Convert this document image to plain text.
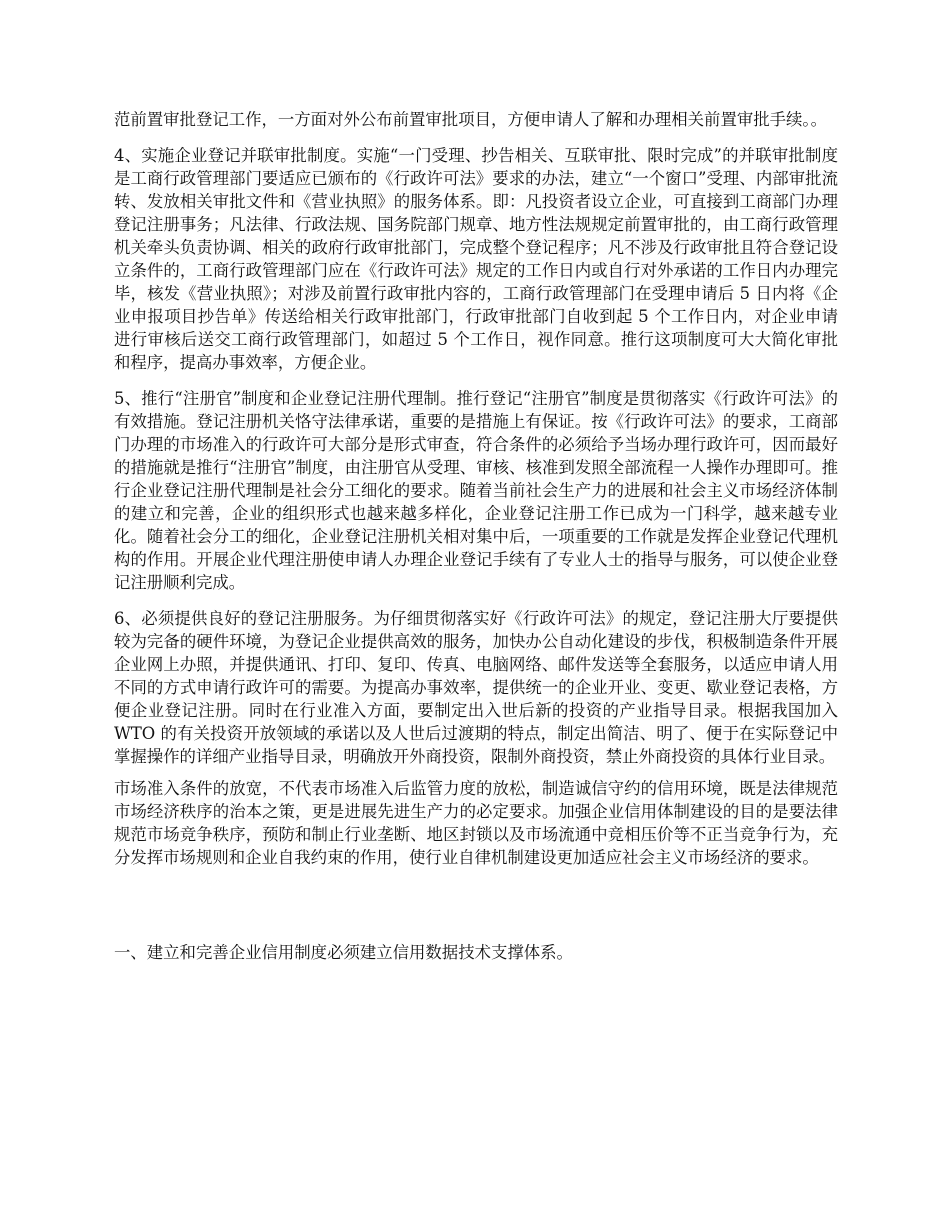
范前置审批登记工作，一方面对外公布前置审批项目，方便申请人了解和办理相关前置审批手续。。

4、实施企业登记并联审批制度。实施“一门受理、抄告相关、互联审批、限时完成”的并联审批制度是工商行政管理部门要适应已颁布的《行政许可法》要求的办法，建立“一个窗口”受理、内部审批流转、发放相关审批文件和《营业执照》的服务体系。即：凡投资者设立企业，可直接到工商部门办理登记注册事务；凡法律、行政法规、国务院部门规章、地方性法规规定前置审批的，由工商行政管理机关牵头负责协调、相关的政府行政审批部门，完成整个登记程序；凡不涉及行政审批且符合登记设立条件的，工商行政管理部门应在《行政许可法》规定的工作日内或自行对外承诺的工作日内办理完毕，核发《营业执照》；对涉及前置行政审批内容的，工商行政管理部门在受理申请后 5 日内将《企业申报项目抄告单》传送给相关行政审批部门，行政审批部门自收到起 5 个工作日内，对企业申请进行审核后送交工商行政管理部门，如超过 5 个工作日，视作同意。推行这项制度可大大简化审批和程序，提高办事效率，方便企业。

5、推行“注册官”制度和企业登记注册代理制。推行登记“注册官”制度是贯彻落实《行政许可法》的有效措施。登记注册机关恪守法律承诺，重要的是措施上有保证。按《行政许可法》的要求，工商部门办理的市场准入的行政许可大部分是形式审查，符合条件的必须给予当场办理行政许可，因而最好的措施就是推行“注册官”制度，由注册官从受理、审核、核准到发照全部流程一人操作办理即可。推行企业登记注册代理制是社会分工细化的要求。随着当前社会生产力的进展和社会主义市场经济体制的建立和完善，企业的组织形式也越来越多样化，企业登记注册工作已成为一门科学，越来越专业化。随着社会分工的细化，企业登记注册机关相对集中后，一项重要的工作就是发挥企业登记代理机构的作用。开展企业代理注册使申请人办理企业登记手续有了专业人士的指导与服务，可以使企业登记注册顺利完成。

6、必须提供良好的登记注册服务。为仔细贯彻落实好《行政许可法》的规定，登记注册大厅要提供较为完备的硬件环境，为登记企业提供高效的服务，加快办公自动化建设的步伐，积极制造条件开展企业网上办照，并提供通讯、打印、复印、传真、电脑网络、邮件发送等全套服务，以适应申请人用不同的方式申请行政许可的需要。为提高办事效率，提供统一的企业开业、变更、歇业登记表格，方便企业登记注册。同时在行业准入方面，要制定出入世后新的投资的产业指导目录。根据我国加入 WTO 的有关投资开放领域的承诺以及人世后过渡期的特点，制定出简洁、明了、便于在实际登记中掌握操作的详细产业指导目录，明确放开外商投资，限制外商投资，禁止外商投资的具体行业目录。

市场准入条件的放宽，不代表市场准入后监管力度的放松，制造诚信守约的信用环境，既是法律规范市场经济秩序的治本之策，更是进展先进生产力的必定要求。加强企业信用体制建设的目的是要法律规范市场竞争秩序，预防和制止行业垄断、地区封锁以及市场流通中竞相压价等不正当竞争行为，充分发挥市场规则和企业自我约束的作用，使行业自律机制建设更加适应社会主义市场经济的要求。

一、建立和完善企业信用制度必须建立信用数据技术支撑体系。
